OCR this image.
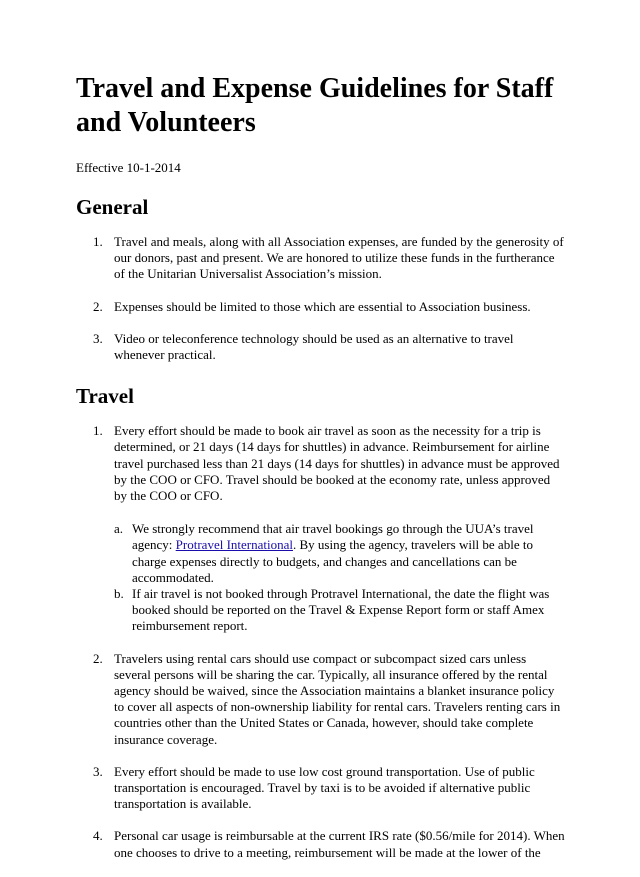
Travel and Expense Guidelines for Staff and Volunteers
Effective 10-1-2014
General
1. Travel and meals, along with all Association expenses, are funded by the generosity of our donors, past and present. We are honored to utilize these funds in the furtherance of the Unitarian Universalist Association’s mission.
2. Expenses should be limited to those which are essential to Association business.
3. Video or teleconference technology should be used as an alternative to travel whenever practical.
Travel
1. Every effort should be made to book air travel as soon as the necessity for a trip is determined, or 21 days (14 days for shuttles) in advance. Reimbursement for airline travel purchased less than 21 days (14 days for shuttles) in advance must be approved by the COO or CFO. Travel should be booked at the economy rate, unless approved by the COO or CFO.
a. We strongly recommend that air travel bookings go through the UUA’s travel agency: Protravel International. By using the agency, travelers will be able to charge expenses directly to budgets, and changes and cancellations can be accommodated.
b. If air travel is not booked through Protravel International, the date the flight was booked should be reported on the Travel & Expense Report form or staff Amex reimbursement report.
2. Travelers using rental cars should use compact or subcompact sized cars unless several persons will be sharing the car. Typically, all insurance offered by the rental agency should be waived, since the Association maintains a blanket insurance policy to cover all aspects of non-ownership liability for rental cars. Travelers renting cars in countries other than the United States or Canada, however, should take complete insurance coverage.
3. Every effort should be made to use low cost ground transportation. Use of public transportation is encouraged. Travel by taxi is to be avoided if alternative public transportation is available.
4. Personal car usage is reimbursable at the current IRS rate ($0.56/mile for 2014). When one chooses to drive to a meeting, reimbursement will be made at the lower of the
